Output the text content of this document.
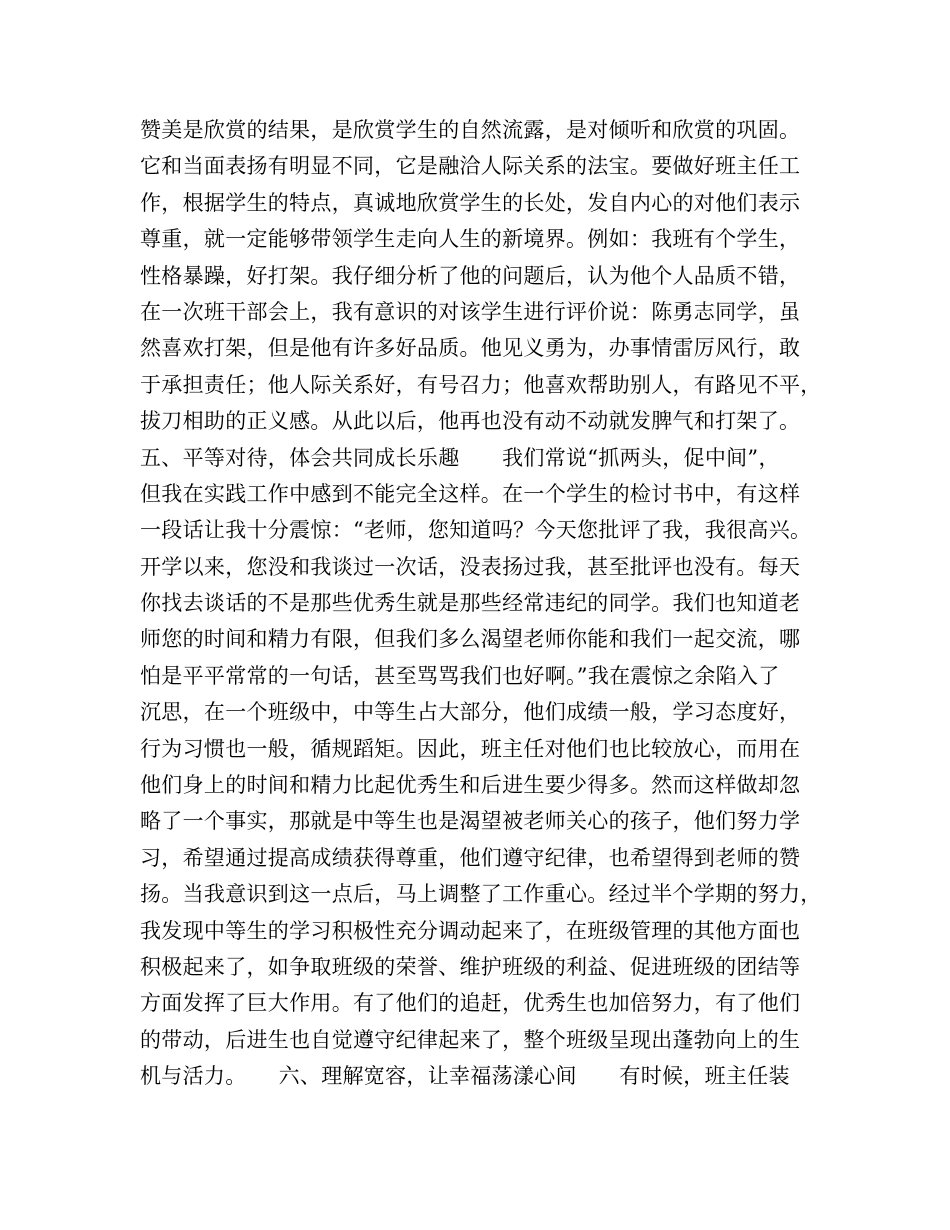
赞美是欣赏的结果，是欣赏学生的自然流露，是对倾听和欣赏的巩固。
它和当面表扬有明显不同，它是融洽人际关系的法宝。要做好班主任工
作，根据学生的特点，真诚地欣赏学生的长处，发自内心的对他们表示
尊重，就一定能够带领学生走向人生的新境界。例如：我班有个学生，
性格暴躁，好打架。我仔细分析了他的问题后，认为他个人品质不错，
在一次班干部会上，我有意识的对该学生进行评价说：陈勇志同学，虽
然喜欢打架，但是他有许多好品质。他见义勇为，办事情雷厉风行，敢
于承担责任；他人际关系好，有号召力；他喜欢帮助别人，有路见不平，
拔刀相助的正义感。从此以后，他再也没有动不动就发脾气和打架了。
五、平等对待，体会共同成长乐趣　　我们常说“抓两头，促中间”，
但我在实践工作中感到不能完全这样。在一个学生的检讨书中，有这样
一段话让我十分震惊：“老师，您知道吗？今天您批评了我，我很高兴。
开学以来，您没和我谈过一次话，没表扬过我，甚至批评也没有。每天
你找去谈话的不是那些优秀生就是那些经常违纪的同学。我们也知道老
师您的时间和精力有限，但我们多么渴望老师你能和我们一起交流，哪
怕是平平常常的一句话，甚至骂骂我们也好啊。”我在震惊之余陷入了
沉思，在一个班级中，中等生占大部分，他们成绩一般，学习态度好，
行为习惯也一般，循规蹈矩。因此，班主任对他们也比较放心，而用在
他们身上的时间和精力比起优秀生和后进生要少得多。然而这样做却忽
略了一个事实，那就是中等生也是渴望被老师关心的孩子，他们努力学
习，希望通过提高成绩获得尊重，他们遵守纪律，也希望得到老师的赞
扬。当我意识到这一点后，马上调整了工作重心。经过半个学期的努力，
我发现中等生的学习积极性充分调动起来了，在班级管理的其他方面也
积极起来了，如争取班级的荣誉、维护班级的利益、促进班级的团结等
方面发挥了巨大作用。有了他们的追赶，优秀生也加倍努力，有了他们
的带动，后进生也自觉遵守纪律起来了，整个班级呈现出蓬勃向上的生
机与活力。　　六、理解宽容，让幸福荡漾心间　　有时候，班主任装
